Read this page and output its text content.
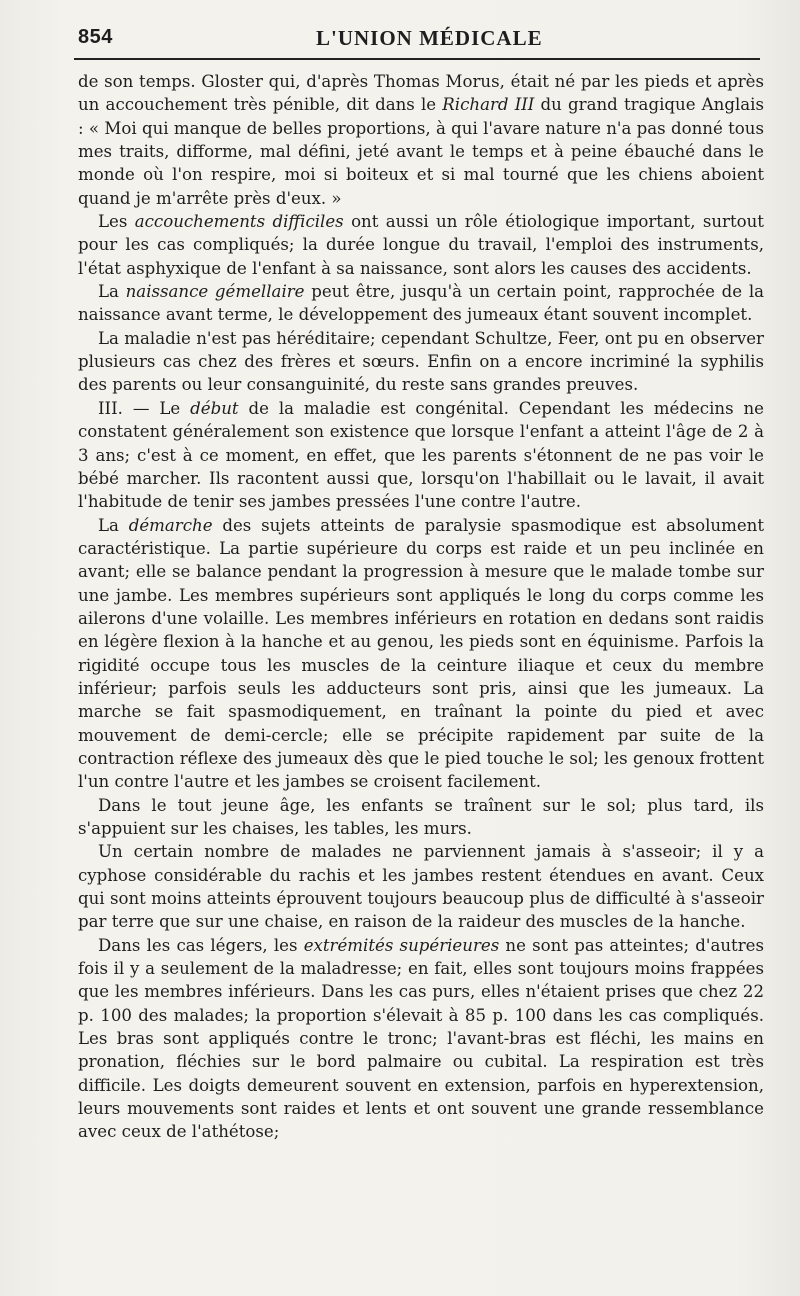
854	L'UNION MÉDICALE

de son temps. Gloster qui, d'après Thomas Morus, était né par les pieds et après un accouchement très pénible, dit dans le Richard III du grand tragique Anglais : « Moi qui manque de belles proportions, à qui l'avare nature n'a pas donné tous mes traits, difforme, mal défini, jeté avant le temps et à peine ébauché dans le monde où l'on respire, moi si boiteux et si mal tourné que les chiens aboient quand je m'arrête près d'eux. »

Les accouchements difficiles ont aussi un rôle étiologique important, surtout pour les cas compliqués; la durée longue du travail, l'emploi des instruments, l'état asphyxique de l'enfant à sa naissance, sont alors les causes des accidents.

La naissance gémellaire peut être, jusqu'à un certain point, rapprochée de la naissance avant terme, le développement des jumeaux étant souvent incomplet.

La maladie n'est pas héréditaire; cependant Schultze, Feer, ont pu en observer plusieurs cas chez des frères et sœurs. Enfin on a encore incriminé la syphilis des parents ou leur consanguinité, du reste sans grandes preuves.

III. — Le début de la maladie est congénital. Cependant les médecins ne constatent généralement son existence que lorsque l'enfant a atteint l'âge de 2 à 3 ans; c'est à ce moment, en effet, que les parents s'étonnent de ne pas voir le bébé marcher. Ils racontent aussi que, lorsqu'on l'habillait ou le lavait, il avait l'habitude de tenir ses jambes pressées l'une contre l'autre.

La démarche des sujets atteints de paralysie spasmodique est absolument caractéristique. La partie supérieure du corps est raide et un peu inclinée en avant; elle se balance pendant la progression à mesure que le malade tombe sur une jambe. Les membres supérieurs sont appliqués le long du corps comme les ailerons d'une volaille. Les membres inférieurs en rotation en dedans sont raidis en légère flexion à la hanche et au genou, les pieds sont en équinisme. Parfois la rigidité occupe tous les muscles de la ceinture iliaque et ceux du membre inférieur; parfois seuls les adducteurs sont pris, ainsi que les jumeaux. La marche se fait spasmodiquement, en traînant la pointe du pied et avec mouvement de demi-cercle; elle se précipite rapidement par suite de la contraction réflexe des jumeaux dès que le pied touche le sol; les genoux frottent l'un contre l'autre et les jambes se croisent facilement.

Dans le tout jeune âge, les enfants se traînent sur le sol; plus tard, ils s'appuient sur les chaises, les tables, les murs.

Un certain nombre de malades ne parviennent jamais à s'asseoir; il y a cyphose considérable du rachis et les jambes restent étendues en avant. Ceux qui sont moins atteints éprouvent toujours beaucoup plus de difficulté à s'asseoir par terre que sur une chaise, en raison de la raideur des muscles de la hanche.

Dans les cas légers, les extrémités supérieures ne sont pas atteintes; d'autres fois il y a seulement de la maladresse; en fait, elles sont toujours moins frappées que les membres inférieurs. Dans les cas purs, elles n'étaient prises que chez 22 p. 100 des malades; la proportion s'élevait à 85 p. 100 dans les cas compliqués. Les bras sont appliqués contre le tronc; l'avant-bras est fléchi, les mains en pronation, fléchies sur le bord palmaire ou cubital. La respiration est très difficile. Les doigts demeurent souvent en extension, parfois en hyperextension, leurs mouvements sont raides et lents et ont souvent une grande ressemblance avec ceux de l'athétose;
